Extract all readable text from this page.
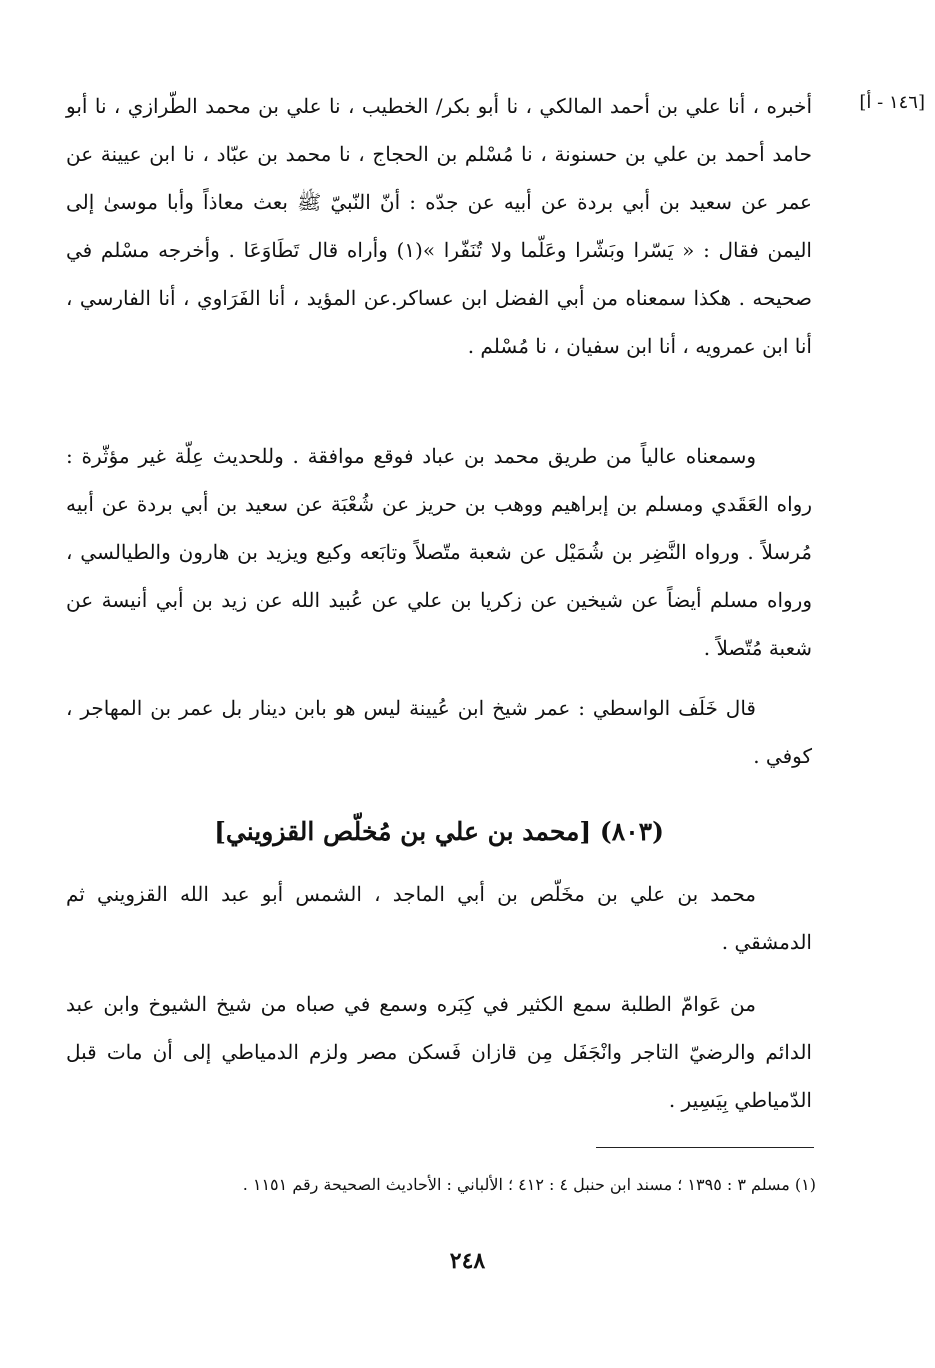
[١٤٦ - أ]

أخبره ، أنا علي بن أحمد المالكي ، نا أبو بكر/ الخطيب ، نا علي بن محمد الطّرازي ، نا أبو حامد أحمد بن علي بن حسنونة ، نا مُسْلم بن الحجاج ، نا محمد بن عبّاد ، نا ابن عيينة عن عمر عن سعيد بن أبي بردة عن أبيه عن جدّه : أنّ النّبيّ ﷺ بعث معاذاً وأبا موسىٰ إلى اليمن فقال : « يَسّرا وبَشّرا وعَلّما ولا تُنَفّرا »(١) وأراه قال تَطَاوَعَا . وأخرجه مسْلم في صحيحه . هكذا سمعناه من أبي الفضل ابن عساكر.عن المؤيد ، أنا الفَرَاوي ، أنا الفارسي ، أنا ابن عمرويه ، أنا ابن سفيان ، نا مُسْلم .

وسمعناه عالياً من طريق محمد بن عباد فوقع موافقة . وللحديث عِلّة غير مؤثّرة : رواه العَقَدي ومسلم بن إبراهيم ووهب بن حريز عن شُعْبَة عن سعيد بن أبي بردة عن أبيه مُرسلاً . ورواه النَّضِر بن شُمَيْل عن شعبة متّصلاً وتابَعه وكيع ويزيد بن هارون والطيالسي ، ورواه مسلم أيضاً عن شيخين عن زكريا بن علي عن عُبيد الله عن زيد بن أبي أنيسة عن شعبة مُتّصلاً .

قال خَلَف الواسطي : عمر شيخ ابن عُيينة ليس هو بابن دينار بل عمر بن المهاجر ، كوفي .

(٨٠٣) [محمد بن علي بن مُخلّص القزويني]

محمد بن علي بن مخَلّص بن أبي الماجد ، الشمس أبو عبد الله القزويني ثم الدمشقي .

من عَوامّ الطلبة سمع الكثير في كِبَره وسمع في صباه من شيخ الشيوخ وابن عبد الدائم والرضيّ التاجر وانْجَفَل مِن قازان فَسكن مصر ولزم الدمياطي إلى أن مات قبل الدّمياطي بِيَسِير .

(١) مسلم ٣ : ١٣٩٥ ؛ مسند ابن حنبل ٤ : ٤١٢ ؛ الألباني : الأحاديث الصحيحة رقم ١١٥١ .

٢٤٨
